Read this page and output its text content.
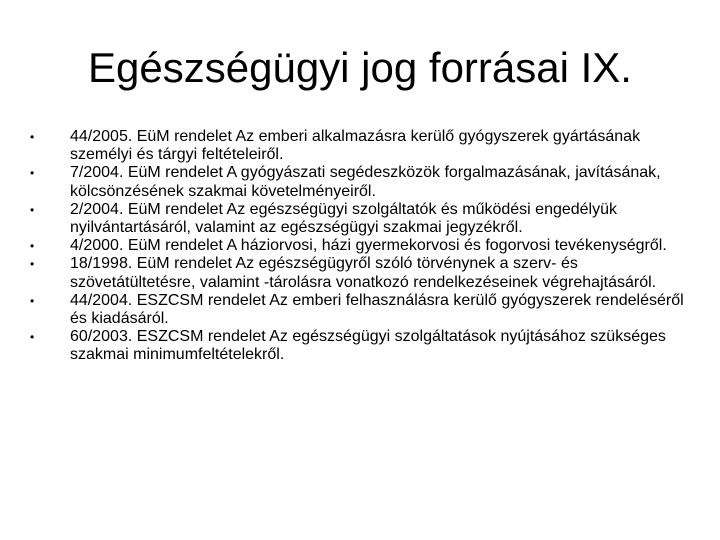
Egészségügyi jog forrásai IX.
•	44/2005. EüM rendelet Az emberi alkalmazásra kerülő gyógyszerek gyártásának személyi és tárgyi feltételeiről.
•	7/2004. EüM rendelet A gyógyászati segédeszközök forgalmazásának, javításának, kölcsönzésének szakmai követelményeiről.
•	2/2004. EüM rendelet Az egészségügyi szolgáltatók és működési engedélyük nyilvántartásáról, valamint az egészségügyi szakmai jegyzékről.
•	4/2000. EüM rendelet A háziorvosi, házi gyermekorvosi és fogorvosi tevékenységről.
•	18/1998. EüM rendelet Az egészségügyről szóló törvénynek a szerv- és szövetátültetésre, valamint -tárolásra vonatkozó rendelkezéseinek végrehajtásáról.
•	44/2004. ESZCSM rendelet Az emberi felhasználásra kerülő gyógyszerek rendeléséről és kiadásáról.
•	60/2003. ESZCSM rendelet Az egészségügyi szolgáltatások nyújtásához szükséges szakmai minimumfeltételekről.
